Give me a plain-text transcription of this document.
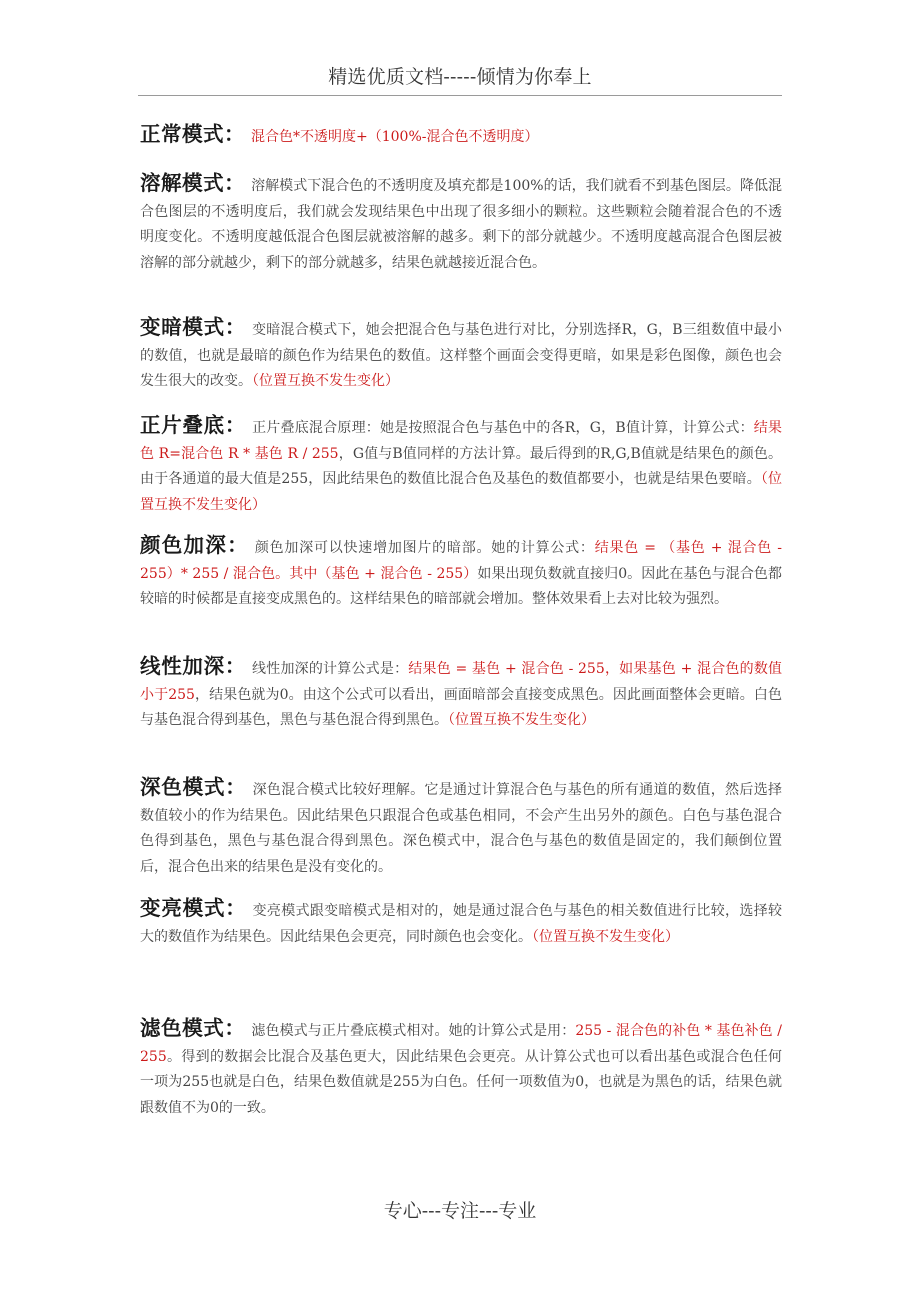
精选优质文档-----倾情为你奉上

正常模式： 混合色*不透明度+（100%-混合色不透明度）

溶解模式： 溶解模式下混合色的不透明度及填充都是100%的话，我们就看不到基色图层。降低混合色图层的不透明度后，我们就会发现结果色中出现了很多细小的颗粒。这些颗粒会随着混合色的不透明度变化。不透明度越低混合色图层就被溶解的越多。剩下的部分就越少。不透明度越高混合色图层被溶解的部分就越少，剩下的部分就越多，结果色就越接近混合色。

变暗模式： 变暗混合模式下，她会把混合色与基色进行对比，分别选择R，G，B三组数值中最小的数值，也就是最暗的颜色作为结果色的数值。这样整个画面会变得更暗，如果是彩色图像，颜色也会发生很大的改变。（位置互换不发生变化）

正片叠底： 正片叠底混合原理：她是按照混合色与基色中的各R，G，B值计算，计算公式：结果色 R=混合色 R * 基色 R / 255，G值与B值同样的方法计算。最后得到的R,G,B值就是结果色的颜色。由于各通道的最大值是255，因此结果色的数值比混合色及基色的数值都要小，也就是结果色要暗。（位置互换不发生变化）

颜色加深： 颜色加深可以快速增加图片的暗部。她的计算公式：结果色 = （基色 + 混合色 - 255）* 255 / 混合色。其中（基色 + 混合色 - 255）如果出现负数就直接归0。因此在基色与混合色都较暗的时候都是直接变成黑色的。这样结果色的暗部就会增加。整体效果看上去对比较为强烈。

线性加深： 线性加深的计算公式是：结果色 = 基色 + 混合色 - 255，如果基色 + 混合色的数值小于255，结果色就为0。由这个公式可以看出，画面暗部会直接变成黑色。因此画面整体会更暗。白色与基色混合得到基色，黑色与基色混合得到黑色。（位置互换不发生变化）

深色模式： 深色混合模式比较好理解。它是通过计算混合色与基色的所有通道的数值，然后选择数值较小的作为结果色。因此结果色只跟混合色或基色相同，不会产生出另外的颜色。白色与基色混合色得到基色，黑色与基色混合得到黑色。深色模式中，混合色与基色的数值是固定的，我们颠倒位置后，混合色出来的结果色是没有变化的。

变亮模式： 变亮模式跟变暗模式是相对的，她是通过混合色与基色的相关数值进行比较，选择较大的数值作为结果色。因此结果色会更亮，同时颜色也会变化。（位置互换不发生变化）

滤色模式： 滤色模式与正片叠底模式相对。她的计算公式是用：255 - 混合色的补色 * 基色补色 / 255。得到的数据会比混合及基色更大，因此结果色会更亮。从计算公式也可以看出基色或混合色任何一项为255也就是白色，结果色数值就是255为白色。任何一项数值为0，也就是为黑色的话，结果色就跟数值不为0的一致。

专心---专注---专业
